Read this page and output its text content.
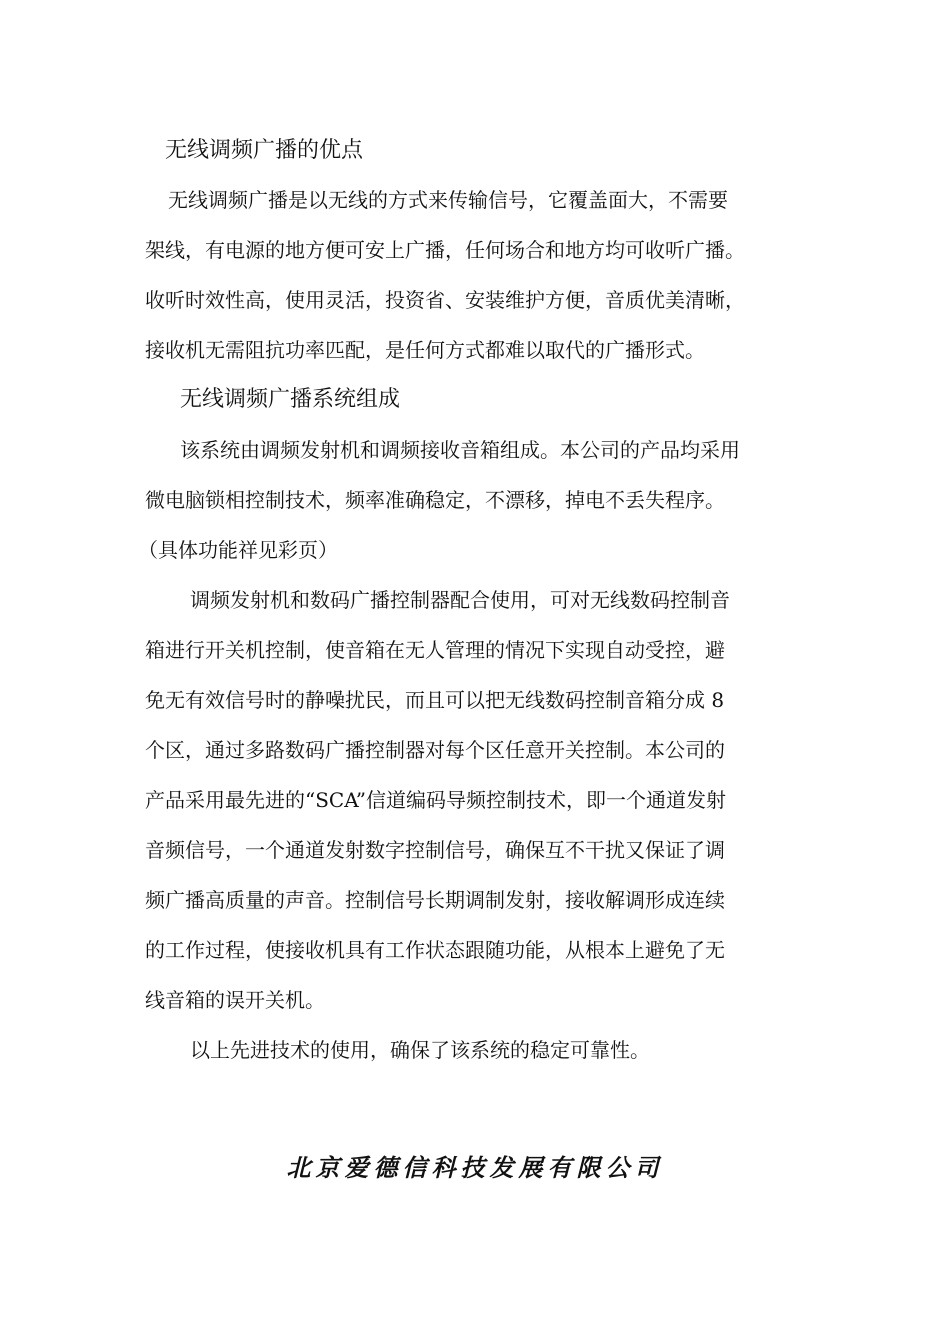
无线调频广播的优点
无线调频广播是以无线的方式来传输信号，它覆盖面大，不需要
架线，有电源的地方便可安上广播，任何场合和地方均可收听广播。
收听时效性高，使用灵活，投资省、安装维护方便，音质优美清晰，
接收机无需阻抗功率匹配，是任何方式都难以取代的广播形式。
无线调频广播系统组成
该系统由调频发射机和调频接收音箱组成。本公司的产品均采用
微电脑锁相控制技术，频率准确稳定，不漂移，掉电不丢失程序。
（具体功能祥见彩页）
调频发射机和数码广播控制器配合使用，可对无线数码控制音
箱进行开关机控制，使音箱在无人管理的情况下实现自动受控，避
免无有效信号时的静噪扰民，而且可以把无线数码控制音箱分成 8
个区，通过多路数码广播控制器对每个区任意开关控制。本公司的
产品采用最先进的“SCA”信道编码导频控制技术，即一个通道发射
音频信号，一个通道发射数字控制信号，确保互不干扰又保证了调
频广播高质量的声音。控制信号长期调制发射，接收解调形成连续
的工作过程，使接收机具有工作状态跟随功能，从根本上避免了无
线音箱的误开关机。
以上先进技术的使用，确保了该系统的稳定可靠性。
北京爱德信科技发展有限公司
